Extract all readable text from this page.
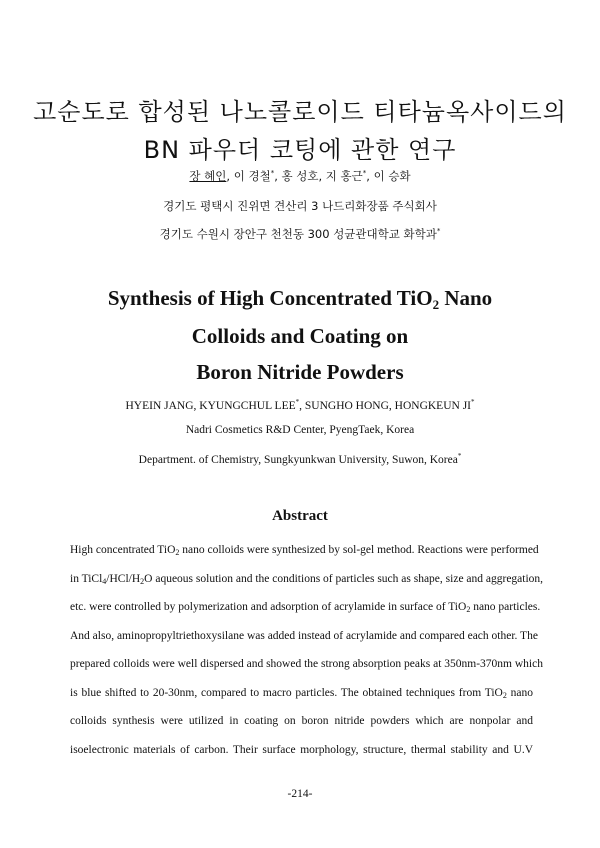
고순도로 합성된 나노콜로이드 티타늄옥사이드의
BN 파우더 코팅에 관한 연구
장 혜인, 이 경철*, 홍 성호, 지 홍근*, 이 승화
경기도 평택시 진위면 견산리 3 나드리화장품 주식회사
경기도 수원시 장안구 천천동 300 성균관대학교 화학과*
Synthesis of High Concentrated TiO$_2$ Nano
Colloids and Coating on
Boron Nitride Powders
HYEIN JANG, KYUNGCHUL LEE*, SUNGHO HONG, HONGKEUN JI*
Nadri Cosmetics R&D Center, PyengTaek, Korea
Department. of Chemistry, Sungkyunkwan University, Suwon, Korea*
Abstract
High concentrated TiO$_2$ nano colloids were synthesized by sol-gel method. Reactions were performed
in $TiCl_4/HCl/H_2O$ aqueous solution and the conditions of particles such as shape, size and aggregation,
etc. were controlled by polymerization and adsorption of acrylamide in surface of TiO$_2$ nano particles.
And also, aminopropyltriethoxysilane was added instead of acrylamide and compared each other. The
prepared colloids were well dispersed and showed the strong absorption peaks at 350nm-370nm which
is blue shifted to 20-30nm, compared to macro particles. The obtained techniques from TiO$_2$ nano
colloids synthesis were utilized in coating on boron nitride powders which are nonpolar and
isoelectronic materials of carbon. Their surface morphology, structure, thermal stability and U.V
-214-
